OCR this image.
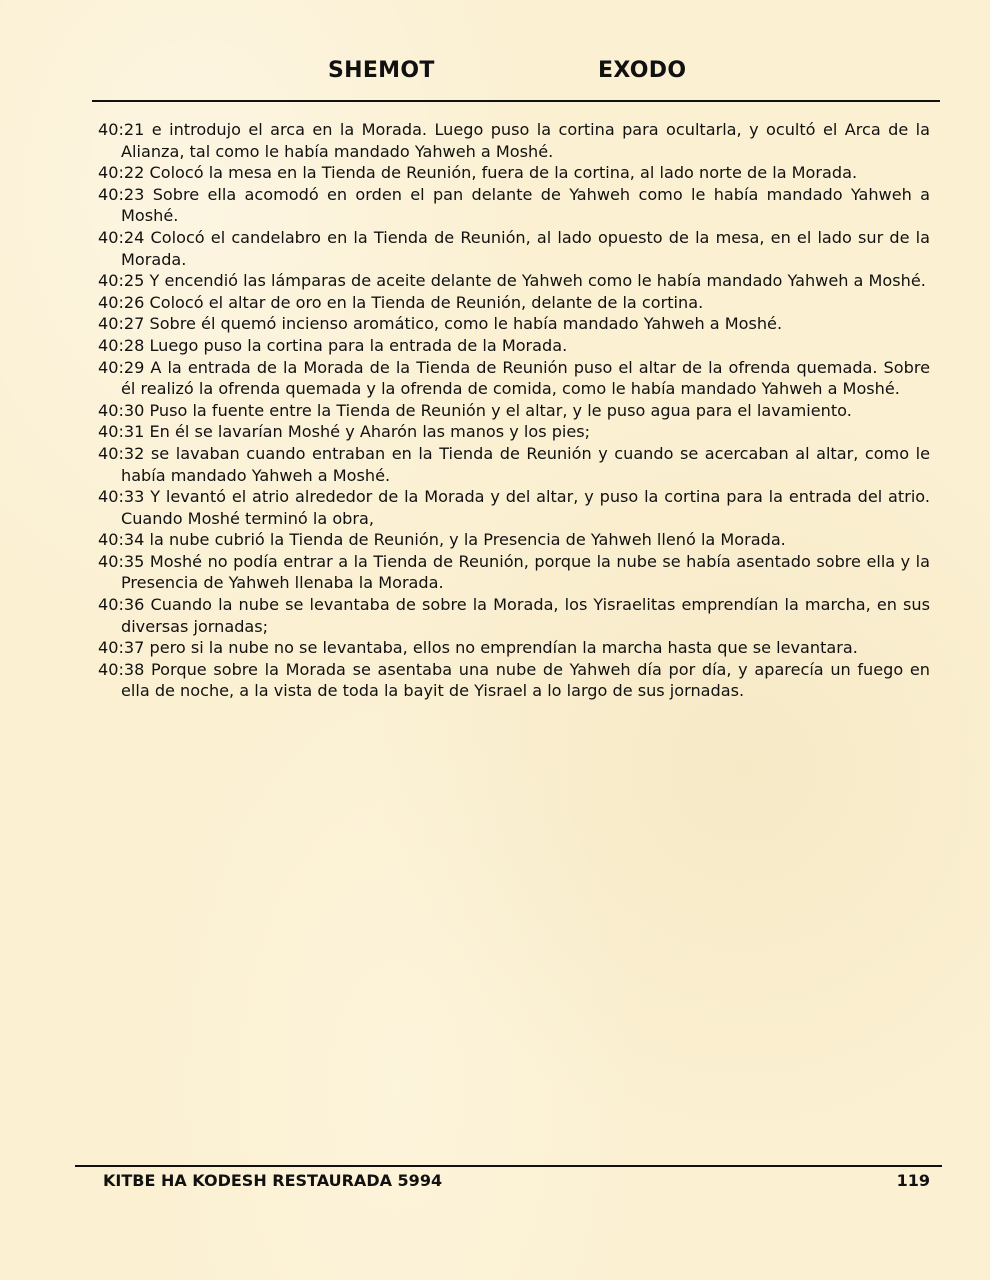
SHEMOT	EXODO

40:21 e introdujo el arca en la Morada. Luego puso la cortina para ocultarla, y ocultó el Arca de la Alianza, tal como le había mandado Yahweh a Moshé.

40:22 Colocó la mesa en la Tienda de Reunión, fuera de la cortina, al lado norte de la Morada.

40:23 Sobre ella acomodó en orden el pan delante de Yahweh como le había mandado Yahweh a Moshé.

40:24 Colocó el candelabro en la Tienda de Reunión, al lado opuesto de la mesa, en el lado sur de la Morada.

40:25 Y encendió las lámparas de aceite delante de Yahweh como le había mandado Yahweh a Moshé.

40:26 Colocó el altar de oro en la Tienda de Reunión, delante de la cortina.

40:27 Sobre él quemó incienso aromático, como le había mandado Yahweh a Moshé.

40:28 Luego puso la cortina para la entrada de la Morada.

40:29 A la entrada de la Morada de la Tienda de Reunión puso el altar de la ofrenda quemada. Sobre él realizó la ofrenda quemada y la ofrenda de comida, como le había mandado Yahweh a Moshé.

40:30 Puso la fuente entre la Tienda de Reunión y el altar, y le puso agua para el lavamiento.

40:31 En él se lavarían Moshé y Aharón las manos y los pies;

40:32 se lavaban cuando entraban en la Tienda de Reunión y cuando se acercaban al altar, como le había mandado Yahweh a Moshé.

40:33 Y levantó el atrio alrededor de la Morada y del altar, y puso la cortina para la entrada del atrio. Cuando Moshé terminó la obra,

40:34 la nube cubrió la Tienda de Reunión, y la Presencia de Yahweh llenó la Morada.

40:35 Moshé no podía entrar a la Tienda de Reunión, porque la nube se había asentado sobre ella y la Presencia de Yahweh llenaba la Morada.

40:36 Cuando la nube se levantaba de sobre la Morada, los Yisraelitas emprendían la marcha, en sus diversas jornadas;

40:37 pero si la nube no se levantaba, ellos no emprendían la marcha hasta que se levantara.

40:38 Porque sobre la Morada se asentaba una nube de Yahweh día por día, y aparecía un fuego en ella de noche, a la vista de toda la bayit de Yisrael a lo largo de sus jornadas.

KITBE HA KODESH RESTAURADA 5994	119
